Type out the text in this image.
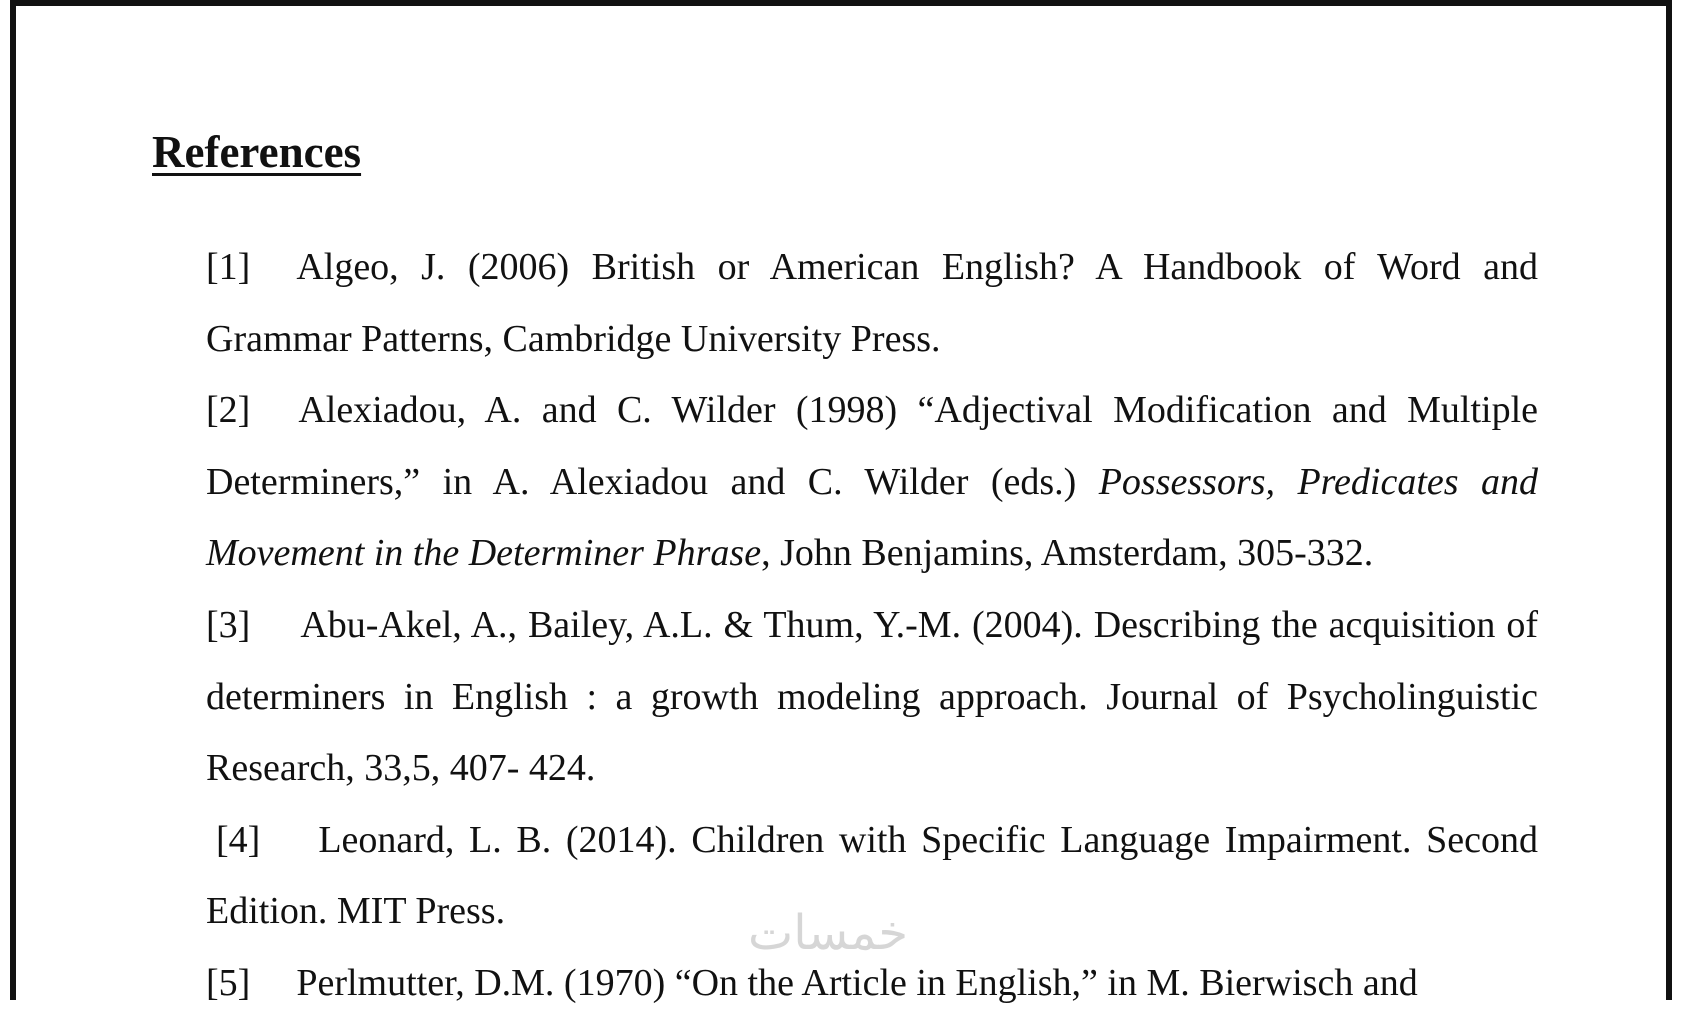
References

[1] Algeo, J. (2006) British or American English? A Handbook of Word and Grammar Patterns, Cambridge University Press.

[2] Alexiadou, A. and C. Wilder (1998) “Adjectival Modification and Multiple Determiners,” in A. Alexiadou and C. Wilder (eds.) Possessors, Predicates and Movement in the Determiner Phrase, John Benjamins, Amsterdam, 305-332.

[3] Abu-Akel, A., Bailey, A.L. & Thum, Y.-M. (2004). Describing the acquisition of determiners in English : a growth modeling approach. Journal of Psycholinguistic Research, 33,5, 407- 424.

[4] Leonard, L. B. (2014). Children with Specific Language Impairment. Second Edition. MIT Press.

[5] Perlmutter, D.M. (1970) “On the Article in English,” in M. Bierwisch and

خمسات
